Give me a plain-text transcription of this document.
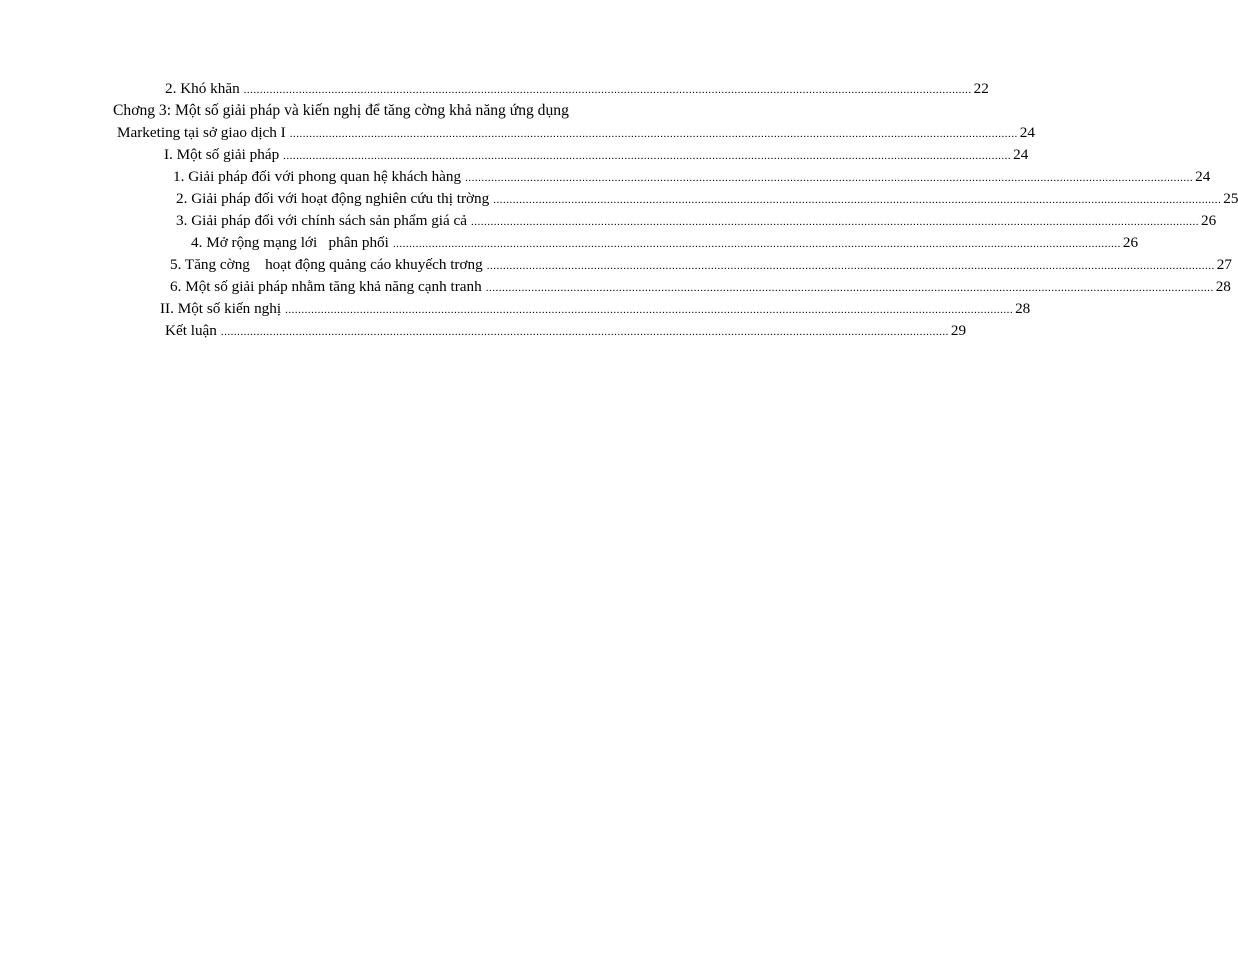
2. Khó khăn ................................................................................................................................................................................................................................ 22
Chơng 3: Một số giải pháp và kiến nghị để tăng cờng khả năng ứng dụng
Marketing tại sở giao dịch I ................................................................................................................................................................................................................................ 24
I. Một số giải pháp ................................................................................................................................................................................................................................ 24
1. Giải pháp đối với phong quan hệ khách hàng ................................................................................................................................................................................................................................ 24
2. Giải pháp đối với hoạt động nghiên cứu thị trờng ................................................................................................................................................................................................................................ 25
3. Giải pháp đối với chính sách sản phẩm giá cả ................................................................................................................................................................................................................................ 26
4. Mở rộng mạng lới   phân phối ................................................................................................................................................................................................................................ 26
5. Tăng cờng    hoạt động quảng cáo khuyếch trơng ................................................................................................................................................................................................................................ 27
6. Một số giải pháp nhằm tăng khả năng cạnh tranh ................................................................................................................................................................................................................................ 28
II. Một số kiến nghị ................................................................................................................................................................................................................................ 28
Kết luận ................................................................................................................................................................................................................................ 29
